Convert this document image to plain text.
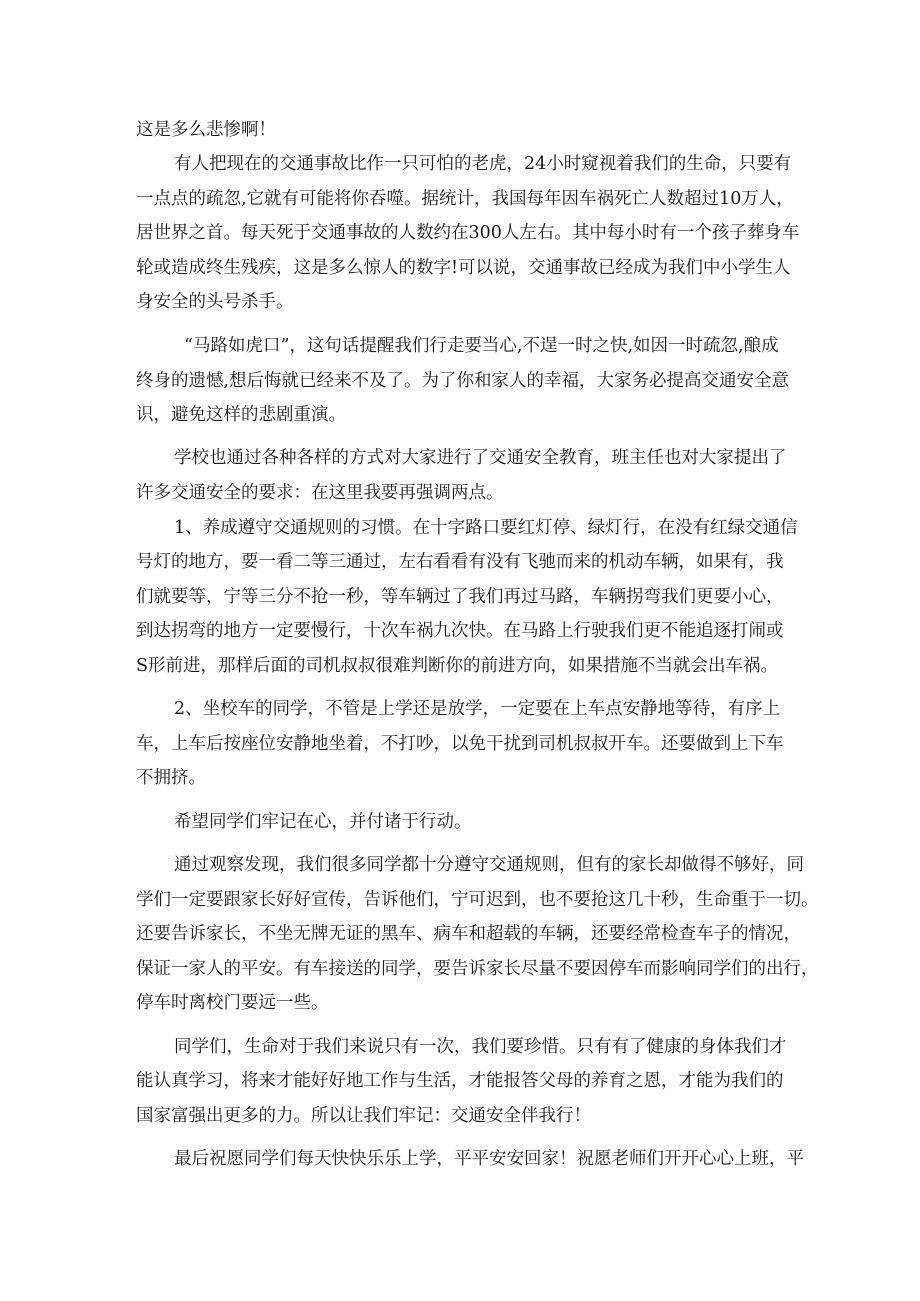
这是多么悲惨啊！
有人把现在的交通事故比作一只可怕的老虎，24小时窥视着我们的生命，只要有
一点点的疏忽,它就有可能将你吞噬。据统计，我国每年因车祸死亡人数超过10万人，
居世界之首。每天死于交通事故的人数约在300人左右。其中每小时有一个孩子葬身车
轮或造成终生残疾，这是多么惊人的数字!可以说，交通事故已经成为我们中小学生人
身安全的头号杀手。
“马路如虎口”，这句话提醒我们行走要当心,不逞一时之快,如因一时疏忽,酿成
终身的遗憾,想后悔就已经来不及了。为了你和家人的幸福，大家务必提高交通安全意
识，避免这样的悲剧重演。
学校也通过各种各样的方式对大家进行了交通安全教育，班主任也对大家提出了
许多交通安全的要求：在这里我要再强调两点。
1、养成遵守交通规则的习惯。在十字路口要红灯停、绿灯行，在没有红绿交通信
号灯的地方，要一看二等三通过，左右看看有没有飞驰而来的机动车辆，如果有，我
们就要等，宁等三分不抢一秒，等车辆过了我们再过马路，车辆拐弯我们更要小心，
到达拐弯的地方一定要慢行，十次车祸九次快。在马路上行驶我们更不能追逐打闹或
S形前进，那样后面的司机叔叔很难判断你的前进方向，如果措施不当就会出车祸。
2、坐校车的同学，不管是上学还是放学，一定要在上车点安静地等待，有序上
车，上车后按座位安静地坐着，不打吵，以免干扰到司机叔叔开车。还要做到上下车
不拥挤。
希望同学们牢记在心，并付诸于行动。
通过观察发现，我们很多同学都十分遵守交通规则，但有的家长却做得不够好，同
学们一定要跟家长好好宣传，告诉他们，宁可迟到，也不要抢这几十秒，生命重于一切。
还要告诉家长，不坐无牌无证的黑车、病车和超载的车辆，还要经常检查车子的情况，
保证一家人的平安。有车接送的同学，要告诉家长尽量不要因停车而影响同学们的出行，
停车时离校门要远一些。
同学们，生命对于我们来说只有一次，我们要珍惜。只有有了健康的身体我们才
能认真学习，将来才能好好地工作与生活，才能报答父母的养育之恩，才能为我们的
国家富强出更多的力。所以让我们牢记：交通安全伴我行！
最后祝愿同学们每天快快乐乐上学，平平安安回家！祝愿老师们开开心心上班，平
